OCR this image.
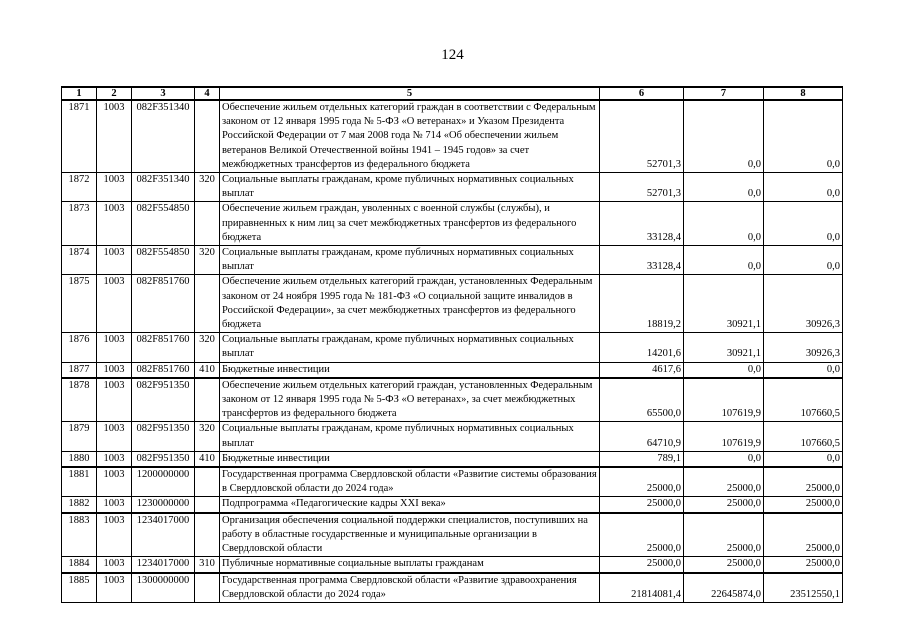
124
1	2	3	4	5	6	7	8
1871	1003	082F351340		Обеспечение жильем отдельных категорий граждан в соответствии с Федеральным законом от 12 января 1995 года № 5-ФЗ «О ветеранах» и Указом Президента Российской Федерации от 7 мая 2008 года № 714 «Об обеспечении жильем ветеранов Великой Отечественной войны 1941 – 1945 годов» за счет межбюджетных трансфертов из федерального бюджета	52701,3	0,0	0,0
1872	1003	082F351340	320	Социальные выплаты гражданам, кроме публичных нормативных социальных выплат	52701,3	0,0	0,0
1873	1003	082F554850		Обеспечение жильем граждан, уволенных с военной службы (службы), и приравненных к ним лиц за счет межбюджетных трансфертов из федерального бюджета	33128,4	0,0	0,0
1874	1003	082F554850	320	Социальные выплаты гражданам, кроме публичных нормативных социальных выплат	33128,4	0,0	0,0
1875	1003	082F851760		Обеспечение жильем отдельных категорий граждан, установленных Федеральным законом от 24 ноября 1995 года № 181-ФЗ «О социальной защите инвалидов в Российской Федерации», за счет межбюджетных трансфертов из федерального бюджета	18819,2	30921,1	30926,3
1876	1003	082F851760	320	Социальные выплаты гражданам, кроме публичных нормативных социальных выплат	14201,6	30921,1	30926,3
1877	1003	082F851760	410	Бюджетные инвестиции	4617,6	0,0	0,0
1878	1003	082F951350		Обеспечение жильем отдельных категорий граждан, установленных Федеральным законом от 12 января 1995 года № 5-ФЗ «О ветеранах», за счет межбюджетных трансфертов из федерального бюджета	65500,0	107619,9	107660,5
1879	1003	082F951350	320	Социальные выплаты гражданам, кроме публичных нормативных социальных выплат	64710,9	107619,9	107660,5
1880	1003	082F951350	410	Бюджетные инвестиции	789,1	0,0	0,0
1881	1003	1200000000		Государственная программа Свердловской области «Развитие системы образования в Свердловской области до 2024 года»	25000,0	25000,0	25000,0
1882	1003	1230000000		Подпрограмма «Педагогические кадры XXI века»	25000,0	25000,0	25000,0
1883	1003	1234017000		Организация обеспечения социальной поддержки специалистов, поступивших на работу в областные государственные и муниципальные организации в Свердловской области	25000,0	25000,0	25000,0
1884	1003	1234017000	310	Публичные нормативные социальные выплаты гражданам	25000,0	25000,0	25000,0
1885	1003	1300000000		Государственная программа Свердловской области «Развитие здравоохранения Свердловской области до 2024 года»	21814081,4	22645874,0	23512550,1
